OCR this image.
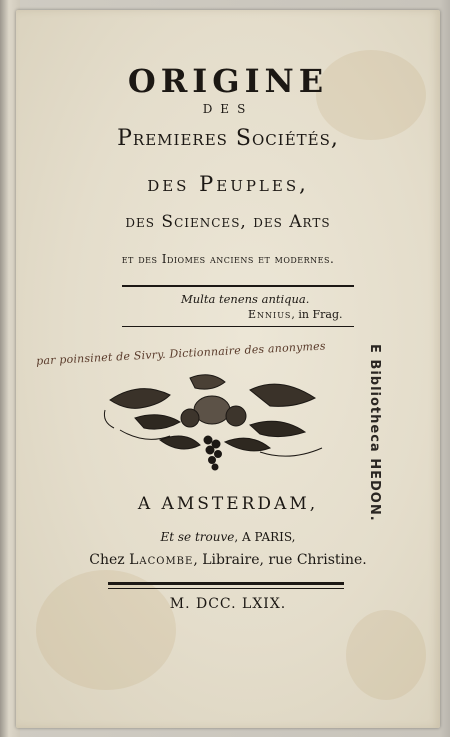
ORIGINE
DES
Premieres Sociétés,
des Peuples,
des Sciences, des Arts
et des Idiomes anciens et modernes.
Multa tenens antiqua.
Ennius, in Frag.
par poinsinet de Sivry. Dictionnaire des anonymes	E Bibliotheca HEDON.
A AMSTERDAM,
Et se trouve, A PARIS,
Chez Lacombe, Libraire, rue Christine.
M. DCC. LXIX.
